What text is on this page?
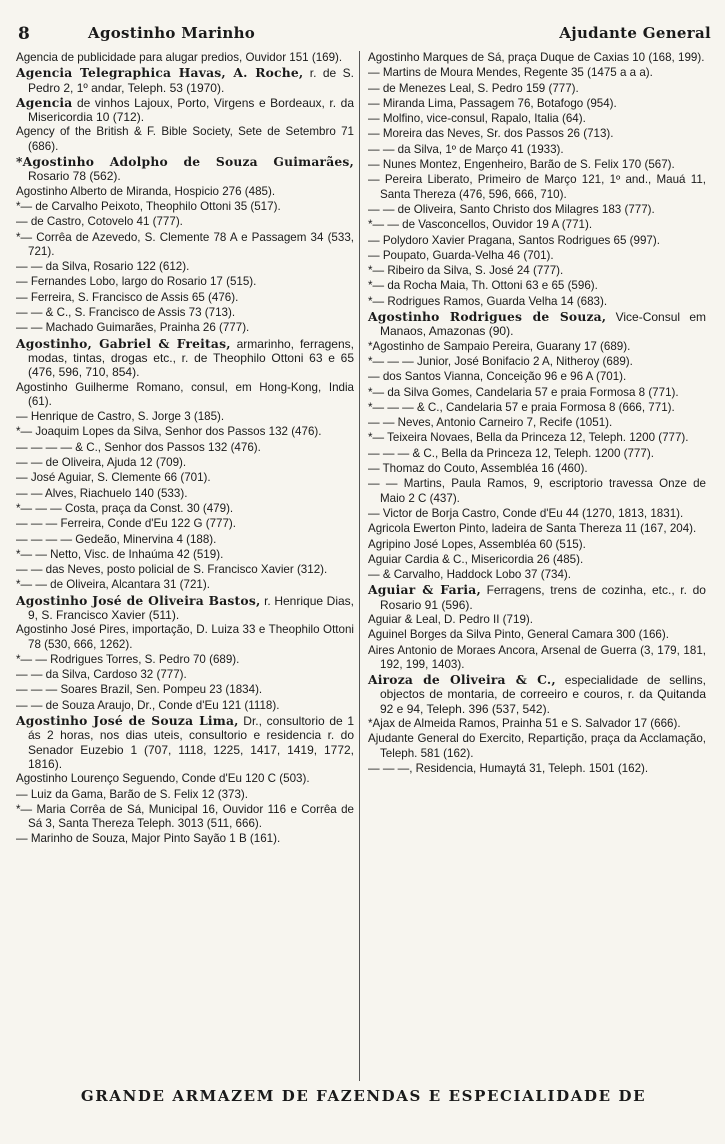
8	Agostinho Marinho	Ajudante General

Agencia de publicidade para alugar predios, Ouvidor 151 (169).

Agencia Telegraphica Havas, A. Roche, r. de S. Pedro 2, 1º andar, Teleph. 53 (1970).

Agencia de vinhos Lajoux, Porto, Virgens e Bordeaux, r. da Misericordia 10 (712).

Agency of the British & F. Bible Society, Sete de Setembro 71 (686).

*Agostinho Adolpho de Souza Guimarães, Rosario 78 (562).

Agostinho Alberto de Miranda, Hospicio 276 (485).

*— de Carvalho Peixoto, Theophilo Ottoni 35 (517).

— de Castro, Cotovelo 41 (777).

*— Corrêa de Azevedo, S. Clemente 78 A e Passagem 34 (533, 721).

— — da Silva, Rosario 122 (612).

— Fernandes Lobo, largo do Rosario 17 (515).

— Ferreira, S. Francisco de Assis 65 (476).

— — & C., S. Francisco de Assis 73 (713).

— — Machado Guimarães, Prainha 26 (777).

Agostinho, Gabriel & Freitas, armarinho, ferragens, modas, tintas, drogas etc., r. de Theophilo Ottoni 63 e 65 (476, 596, 710, 854).

Agostinho Guilherme Romano, consul, em Hong-Kong, India (61).

— Henrique de Castro, S. Jorge 3 (185).

*— Joaquim Lopes da Silva, Senhor dos Passos 132 (476).

— — — — & C., Senhor dos Passos 132 (476).

— — de Oliveira, Ajuda 12 (709).

— José Aguiar, S. Clemente 66 (701).

— — Alves, Riachuelo 140 (533).

*— — — Costa, praça da Const. 30 (479).

— — — Ferreira, Conde d'Eu 122 G (777).

— — — — Gedeão, Minervina 4 (188).

*— — Netto, Visc. de Inhaúma 42 (519).

— — das Neves, posto policial de S. Francisco Xavier (312).

*— — de Oliveira, Alcantara 31 (721).

Agostinho José de Oliveira Bastos, r. Henrique Dias, 9, S. Francisco Xavier (511).

Agostinho José Pires, importação, D. Luiza 33 e Theophilo Ottoni 78 (530, 666, 1262).

*— — Rodrigues Torres, S. Pedro 70 (689).

— — da Silva, Cardoso 32 (777).

— — — Soares Brazil, Sen. Pompeu 23 (1834).

— — de Souza Araujo, Dr., Conde d'Eu 121 (1118).

Agostinho José de Souza Lima, Dr., consultorio de 1 ás 2 horas, nos dias uteis, consultorio e residencia r. do Senador Euzebio 1 (707, 1118, 1225, 1417, 1419, 1772, 1816).

Agostinho Lourenço Seguendo, Conde d'Eu 120 C (503).

— Luiz da Gama, Barão de S. Felix 12 (373).

*— Maria Corrêa de Sá, Municipal 16, Ouvidor 116 e Corrêa de Sá 3, Santa Thereza Teleph. 3013 (511, 666).

— Marinho de Souza, Major Pinto Sayão 1 B (161).

Agostinho Marques de Sá, praça Duque de Caxias 10 (168, 199).

— Martins de Moura Mendes, Regente 35 (1475 a a a).

— de Menezes Leal, S. Pedro 159 (777).

— Miranda Lima, Passagem 76, Botafogo (954).

— Molfino, vice-consul, Rapalo, Italia (64).

— Moreira das Neves, Sr. dos Passos 26 (713).

— — da Silva, 1º de Março 41 (1933).

— Nunes Montez, Engenheiro, Barão de S. Felix 170 (567).

— Pereira Liberato, Primeiro de Março 121, 1º and., Mauá 11, Santa Thereza (476, 596, 666, 710).

— — de Oliveira, Santo Christo dos Milagres 183 (777).

*— — de Vasconcellos, Ouvidor 19 A (771).

— Polydoro Xavier Pragana, Santos Rodrigues 65 (997).

— Poupato, Guarda-Velha 46 (701).

*— Ribeiro da Silva, S. José 24 (777).

*— da Rocha Maia, Th. Ottoni 63 e 65 (596).

*— Rodrigues Ramos, Guarda Velha 14 (683).

Agostinho Rodrigues de Souza, Vice-Consul em Manaos, Amazonas (90).

*Agostinho de Sampaio Pereira, Guarany 17 (689).

*— — — Junior, José Bonifacio 2 A, Nitheroy (689).

— dos Santos Vianna, Conceição 96 e 96 A (701).

*— da Silva Gomes, Candelaria 57 e praia Formosa 8 (771).

*— — — & C., Candelaria 57 e praia Formosa 8 (666, 771).

— — Neves, Antonio Carneiro 7, Recife (1051).

*— Teixeira Novaes, Bella da Princeza 12, Teleph. 1200 (777).

— — — & C., Bella da Princeza 12, Teleph. 1200 (777).

— Thomaz do Couto, Assembléa 16 (460).

— — Martins, Paula Ramos, 9, escriptorio travessa Onze de Maio 2 C (437).

— Victor de Borja Castro, Conde d'Eu 44 (1270, 1813, 1831).

Agricola Ewerton Pinto, ladeira de Santa Thereza 11 (167, 204).

Agripino José Lopes, Assembléa 60 (515).

Aguiar Cardia & C., Misericordia 26 (485).

— & Carvalho, Haddock Lobo 37 (734).

Aguiar & Faria, Ferragens, trens de cozinha, etc., r. do Rosario 91 (596).

Aguiar & Leal, D. Pedro II (719).

Aguinel Borges da Silva Pinto, General Camara 300 (166).

Aires Antonio de Moraes Ancora, Arsenal de Guerra (3, 179, 181, 192, 199, 1403).

Airoza de Oliveira & C., especialidade de sellins, objectos de montaria, de correeiro e couros, r. da Quitanda 92 e 94, Teleph. 396 (537, 542).

*Ajax de Almeida Ramos, Prainha 51 e S. Salvador 17 (666).

Ajudante General do Exercito, Repartição, praça da Acclamação, Teleph. 581 (162).

— — —, Residencia, Humaytá 31, Teleph. 1501 (162).

GRANDE ARMAZEM DE FAZENDAS E ESPECIALIDADE DE
